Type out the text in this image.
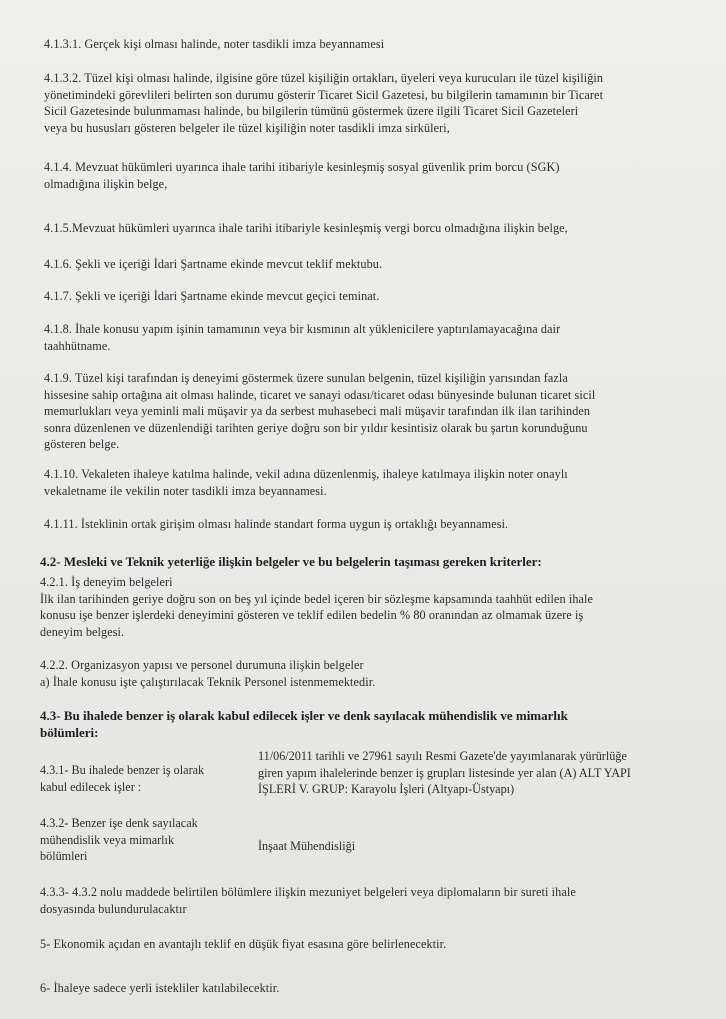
4.1.3.1. Gerçek kişi olması halinde, noter tasdikli imza beyannamesi
4.1.3.2. Tüzel kişi olması halinde, ilgisine göre tüzel kişiliğin ortakları, üyeleri veya kurucuları ile tüzel kişiliğin
yönetimindeki görevlileri belirten son durumu gösterir Ticaret Sicil Gazetesi, bu bilgilerin tamamının bir Ticaret
Sicil Gazetesinde bulunmaması halinde, bu bilgilerin tümünü göstermek üzere ilgili Ticaret Sicil Gazeteleri
veya bu hususları gösteren belgeler ile tüzel kişiliğin noter tasdikli imza sirküleri,
4.1.4. Mevzuat hükümleri uyarınca ihale tarihi itibariyle kesinleşmiş sosyal güvenlik prim borcu (SGK)
olmadığına ilişkin belge,
4.1.5.Mevzuat hükümleri uyarınca ihale tarihi itibariyle kesinleşmiş vergi borcu olmadığına ilişkin belge,
4.1.6. Şekli ve içeriği İdari Şartname ekinde mevcut teklif mektubu.
4.1.7. Şekli ve içeriği İdari Şartname ekinde mevcut geçici teminat.
4.1.8. İhale konusu yapım işinin tamamının veya bir kısmının alt yüklenicilere yaptırılamayacağına dair
taahhütname.
4.1.9. Tüzel kişi tarafından iş deneyimi göstermek üzere sunulan belgenin, tüzel kişiliğin yarısından fazla
hissesine sahip ortağına ait olması halinde, ticaret ve sanayi odası/ticaret odası bünyesinde bulunan ticaret sicil
memurlukları veya yeminli mali müşavir ya da serbest muhasebeci mali müşavir tarafından ilk ilan tarihinden
sonra düzenlenen ve düzenlendiği tarihten geriye doğru son bir yıldır kesintisiz olarak bu şartın korunduğunu
gösteren belge.
4.1.10. Vekaleten ihaleye katılma halinde, vekil adına düzenlenmiş, ihaleye katılmaya ilişkin noter onaylı
vekaletname ile vekilin noter tasdikli imza beyannamesi.
4.1.11. İsteklinin ortak girişim olması halinde standart forma uygun iş ortaklığı beyannamesi.
4.2- Mesleki ve Teknik yeterliğe ilişkin belgeler ve bu belgelerin taşıması gereken kriterler:
4.2.1. İş deneyim belgeleri
İlk ilan tarihinden geriye doğru son on beş yıl içinde bedel içeren bir sözleşme kapsamında taahhüt edilen ihale
konusu işe benzer işlerdeki deneyimini gösteren ve teklif edilen bedelin % 80 oranından az olmamak üzere iş
deneyim belgesi.
4.2.2. Organizasyon yapısı ve personel durumuna ilişkin belgeler
a) İhale konusu işte çalıştırılacak Teknik Personel istenmemektedir.
4.3- Bu ihalede benzer iş olarak kabul edilecek işler ve denk sayılacak mühendislik ve mimarlık
bölümleri:
4.3.1- Bu ihalede benzer iş olarak
kabul edilecek işler :
11/06/2011 tarihli ve 27961 sayılı Resmi Gazete'de yayımlanarak yürürlüğe
giren yapım ihalelerinde benzer iş grupları listesinde yer alan (A) ALT YAPI
İŞLERİ V. GRUP: Karayolu İşleri (Altyapı-Üstyapı)
4.3.2- Benzer işe denk sayılacak
mühendislik veya mimarlık
bölümleri
İnşaat Mühendisliği
4.3.3- 4.3.2 nolu maddede belirtilen bölümlere ilişkin mezuniyet belgeleri veya diplomaların bir sureti ihale
dosyasında bulundurulacaktır
5- Ekonomik açıdan en avantajlı teklif en düşük fiyat esasına göre belirlenecektir.
6- İhaleye sadece yerli istekliler katılabilecektir.
